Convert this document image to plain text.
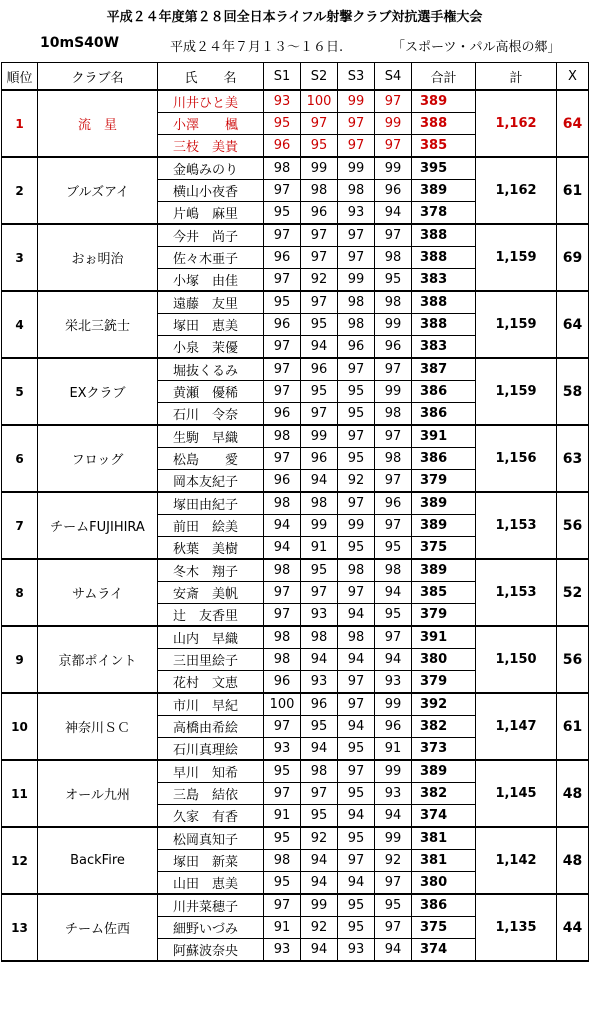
平成２４年度第２８回全日本ライフル射撃クラブ対抗選手権大会
10mS40W	平成２４年７月１３～１６日.	「スポーツ・パル高根の郷」
順位	クラブ名	氏　　名	S1	S2	S3	S4	合計	計	X
1	流　星	川井ひと美	93	100	99	97	389	1,162	64
		小澤　　楓	95	97	97	99	388		
		三枝　美貴	96	95	97	97	385		
2	ブルズアイ	金嶋みのり	98	99	99	99	395	1,162	61
		横山小夜香	97	98	98	96	389		
		片嶋　麻里	95	96	93	94	378		
3	おぉ明治	今井　尚子	97	97	97	97	388	1,159	69
		佐々木亜子	96	97	97	98	388		
		小塚　由佳	97	92	99	95	383		
4	栄北三銃士	遠藤　友里	95	97	98	98	388	1,159	64
		塚田　恵美	96	95	98	99	388		
		小泉　茉優	97	94	96	96	383		
5	EXクラブ	堀抜くるみ	97	96	97	97	387	1,159	58
		黄瀬　優稀	97	95	95	99	386		
		石川　令奈	96	97	95	98	386		
6	フロッグ	生駒　早織	98	99	97	97	391	1,156	63
		松島　　愛	97	96	95	98	386		
		岡本友紀子	96	94	92	97	379		
7	チームFUJIHIRA	塚田由紀子	98	98	97	96	389	1,153	56
		前田　絵美	94	99	99	97	389		
		秋葉　美樹	94	91	95	95	375		
8	サムライ	冬木　翔子	98	95	98	98	389	1,153	52
		安斎　美帆	97	97	97	94	385		
		辻　友香里	97	93	94	95	379		
9	京都ポイント	山内　早織	98	98	98	97	391	1,150	56
		三田里絵子	98	94	94	94	380		
		花村　文恵	96	93	97	93	379		
10	神奈川ＳＣ	市川　早紀	100	96	97	99	392	1,147	61
		高橋由希絵	97	95	94	96	382		
		石川真理絵	93	94	95	91	373		
11	オール九州	早川　知希	95	98	97	99	389	1,145	48
		三島　結依	97	97	95	93	382		
		久家　有香	91	95	94	94	374		
12	BackFire	松岡真知子	95	92	95	99	381	1,142	48
		塚田　新菜	98	94	97	92	381		
		山田　恵美	95	94	94	97	380		
13	チーム佐西	川井菜穂子	97	99	95	95	386	1,135	44
		細野いづみ	91	92	95	97	375		
		阿蘇波奈央	93	94	93	94	374		
